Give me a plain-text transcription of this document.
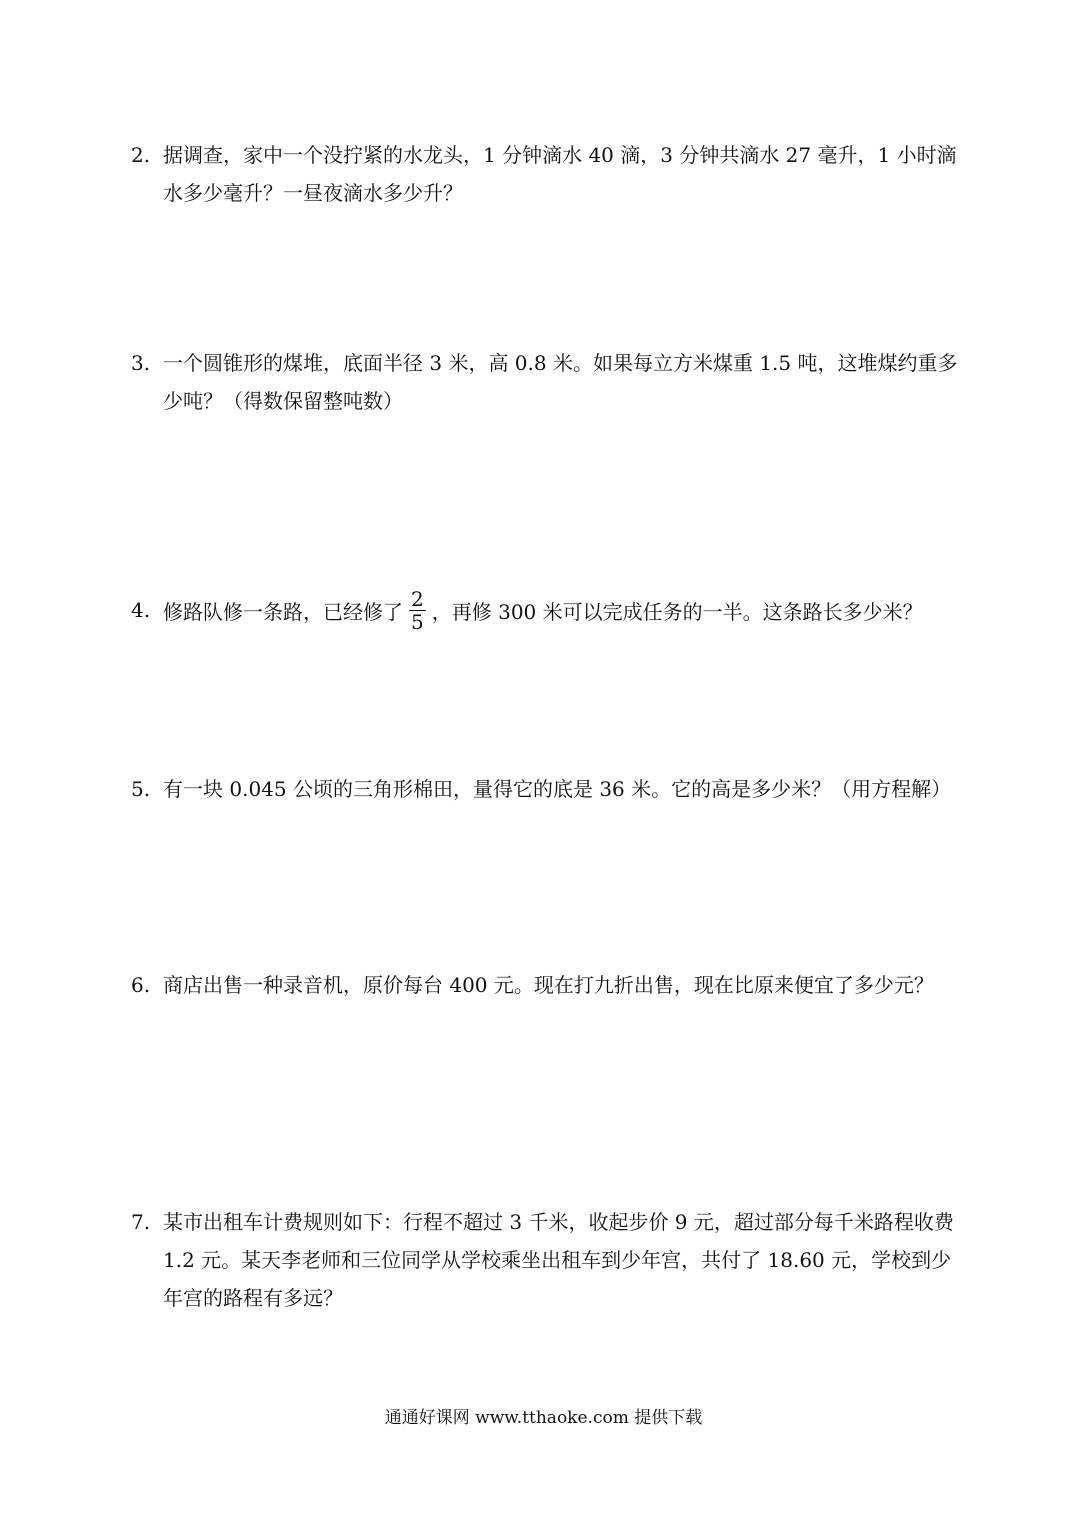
2. 据调查，家中一个没拧紧的水龙头，1 分钟滴水 40 滴，3 分钟共滴水 27 毫升，1 小时滴水多少毫升？一昼夜滴水多少升？
3. 一个圆锥形的煤堆，底面半径 3 米，高 0.8 米。如果每立方米煤重 1.5 吨，这堆煤约重多少吨？（得数保留整吨数）
4. 修路队修一条路，已经修了 $\frac{2}{5}$ ，再修 300 米可以完成任务的一半。这条路长多少米？
5. 有一块 0.045 公顷的三角形棉田，量得它的底是 36 米。它的高是多少米？（用方程解）
6. 商店出售一种录音机，原价每台 400 元。现在打九折出售，现在比原来便宜了多少元？
7. 某市出租车计费规则如下：行程不超过 3 千米，收起步价 9 元，超过部分每千米路程收费 1.2 元。某天李老师和三位同学从学校乘坐出租车到少年宫，共付了 18.60 元，学校到少年宫的路程有多远？
通通好课网 www.tthaoke.com 提供下载
